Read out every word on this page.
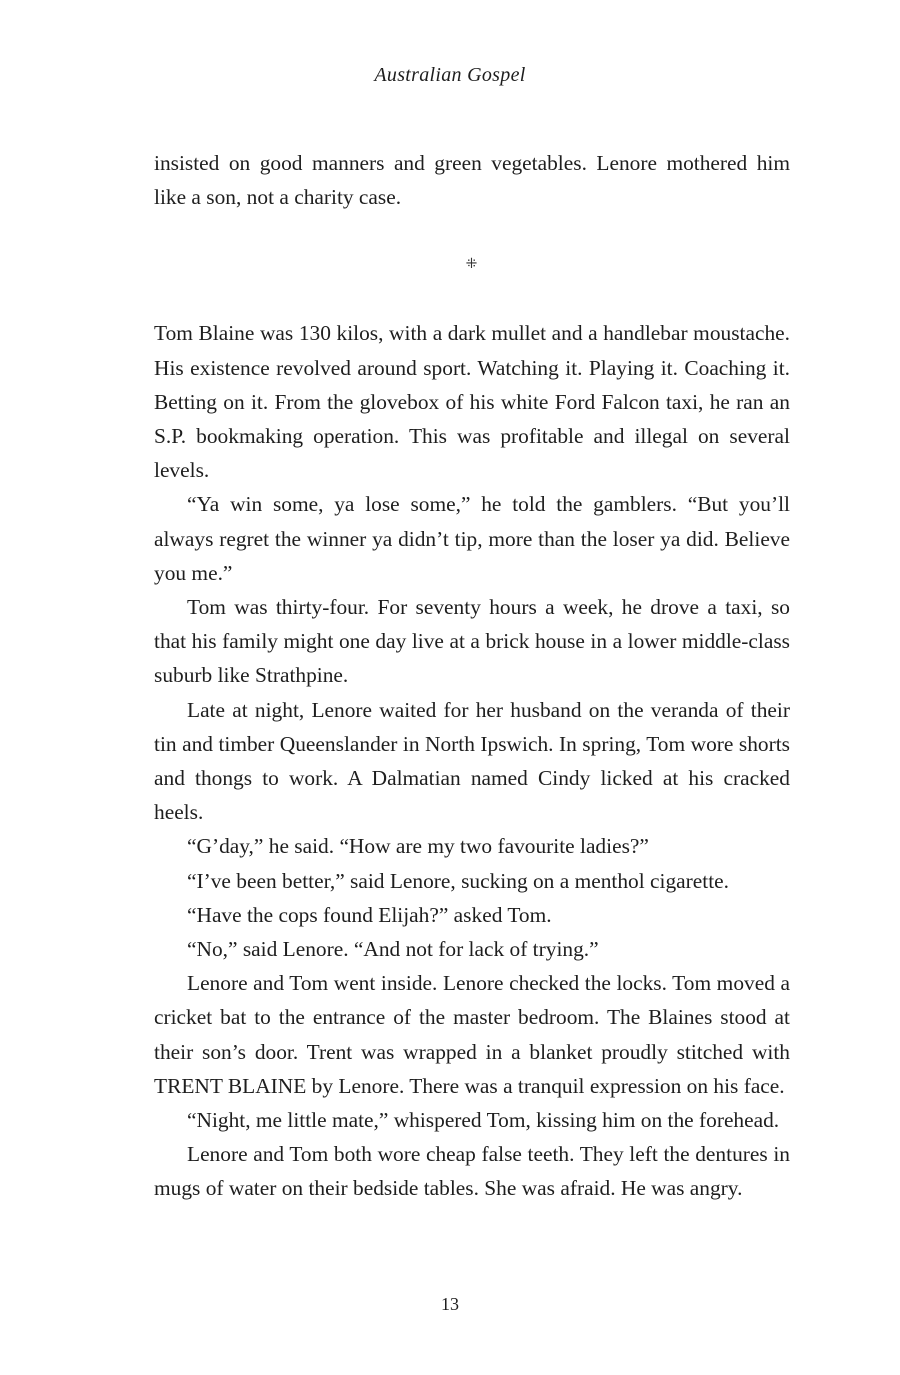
Australian Gospel

insisted on good manners and green vegetables. Lenore mothered him like a son, not a charity case.

⁜

Tom Blaine was 130 kilos, with a dark mullet and a handlebar moustache. His existence revolved around sport. Watching it. Playing it. Coaching it. Betting on it. From the glovebox of his white Ford Falcon taxi, he ran an S.P. bookmaking operation. This was profitable and illegal on several levels.

“Ya win some, ya lose some,” he told the gamblers. “But you’ll always regret the winner ya didn’t tip, more than the loser ya did. Believe you me.”

Tom was thirty-four. For seventy hours a week, he drove a taxi, so that his family might one day live at a brick house in a lower middle-class suburb like Strathpine.

Late at night, Lenore waited for her husband on the veranda of their tin and timber Queenslander in North Ipswich. In spring, Tom wore shorts and thongs to work. A Dalmatian named Cindy licked at his cracked heels.

“G’day,” he said. “How are my two favourite ladies?”

“I’ve been better,” said Lenore, sucking on a menthol cigarette.

“Have the cops found Elijah?” asked Tom.

“No,” said Lenore. “And not for lack of trying.”

Lenore and Tom went inside. Lenore checked the locks. Tom moved a cricket bat to the entrance of the master bedroom. The Blaines stood at their son’s door. Trent was wrapped in a blanket proudly stitched with TRENT BLAINE by Lenore. There was a tranquil expression on his face.

“Night, me little mate,” whispered Tom, kissing him on the forehead.

Lenore and Tom both wore cheap false teeth. They left the dentures in mugs of water on their bedside tables. She was afraid. He was angry.

13
